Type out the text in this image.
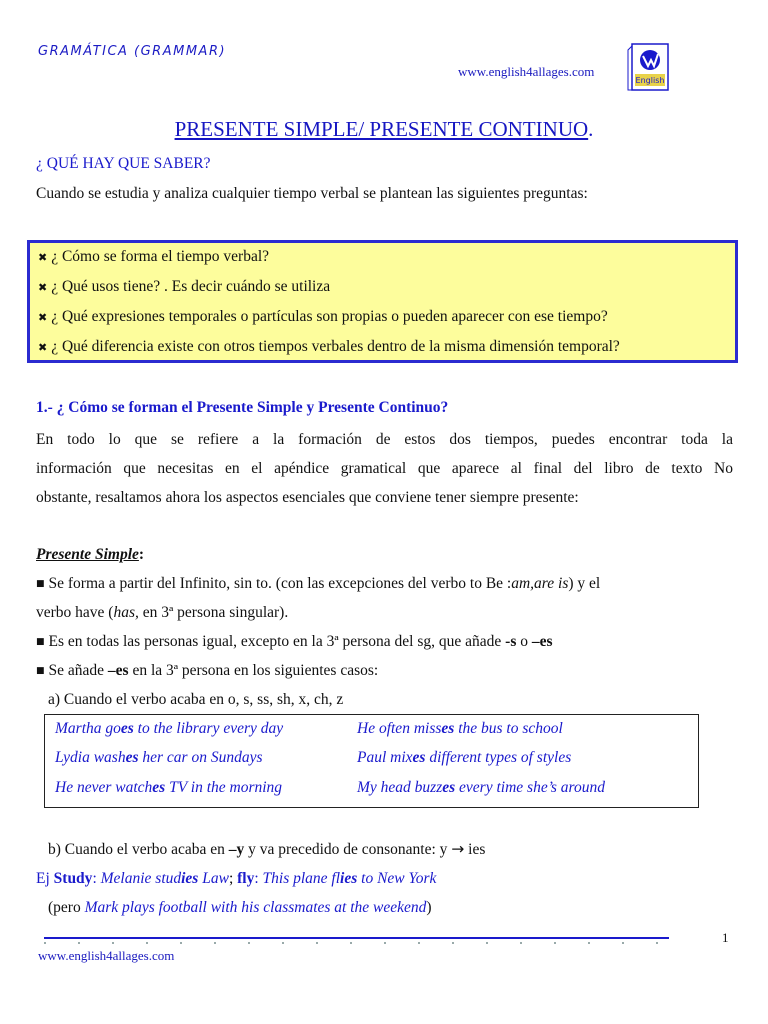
GRAMÁTICA (GRAMMAR)
www.english4allages.com
English
PRESENTE SIMPLE/ PRESENTE CONTINUO.
¿ QUÉ HAY QUE SABER?
Cuando se estudia y analiza cualquier tiempo verbal se plantean las siguientes preguntas:
✖ ¿ Cómo se forma el tiempo verbal?
✖ ¿ Qué usos tiene? . Es decir cuándo se utiliza
✖ ¿ Qué expresiones temporales o partículas son propias o pueden aparecer con ese tiempo?
✖ ¿ Qué diferencia existe con otros tiempos verbales dentro de la misma dimensión temporal?
1.- ¿ Cómo se forman el Presente Simple y Presente Continuo?
En todo lo que se refiere a la formación de estos dos tiempos, puedes encontrar toda la
información que necesitas en el apéndice gramatical que aparece al final del libro de texto No
obstante, resaltamos ahora los aspectos esenciales que conviene tener siempre presente:
Presente Simple:
■ Se forma a partir del Infinito, sin to. (con las excepciones del verbo to Be :am,are is) y el
verbo have (has, en 3ª persona singular).
■ Es en todas las personas igual, excepto en la 3ª persona del sg, que añade -s o –es
■ Se añade –es en la 3ª persona en los siguientes casos:
a) Cuando el verbo acaba en o, s, ss, sh, x, ch, z
Martha goes to the library every day	He often misses the bus to school
Lydia washes her car on Sundays	Paul mixes different types of styles
He never watches TV in the morning	My head buzzes every time she’s around
b) Cuando el verbo acaba en –y y va precedido de consonante: y → ies
Ej Study: Melanie studies Law; fly: This plane flies to New York
(pero Mark plays football with his classmates at the weekend)
1
www.english4allages.com
